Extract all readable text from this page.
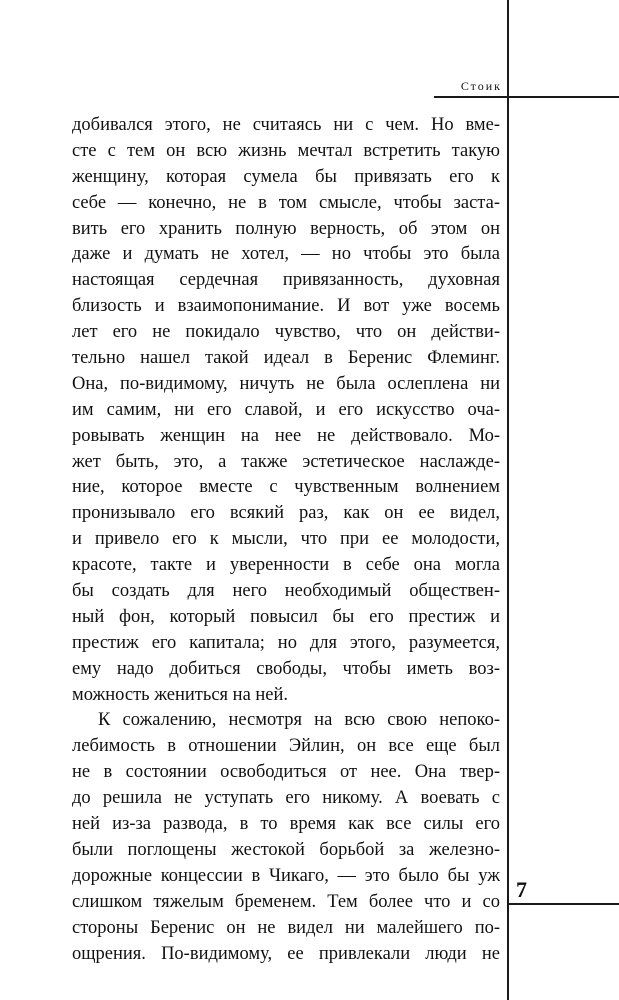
Стоик
добивался этого, не считаясь ни с чем. Но вме-
сте с тем он всю жизнь мечтал встретить такую
женщину, которая сумела бы привязать его к
себе — конечно, не в том смысле, чтобы заста-
вить его хранить полную верность, об этом он
даже и думать не хотел, — но чтобы это была
настоящая сердечная привязанность, духовная
близость и взаимопонимание. И вот уже восемь
лет его не покидало чувство, что он действи-
тельно нашел такой идеал в Беренис Флеминг.
Она, по-видимому, ничуть не была ослеплена ни
им самим, ни его славой, и его искусство оча-
ровывать женщин на нее не действовало. Мо-
жет быть, это, а также эстетическое наслажде-
ние, которое вместе с чувственным волнением
пронизывало его всякий раз, как он ее видел,
и привело его к мысли, что при ее молодости,
красоте, такте и уверенности в себе она могла
бы создать для него необходимый обществен-
ный фон, который повысил бы его престиж и
престиж его капитала; но для этого, разумеется,
ему надо добиться свободы, чтобы иметь воз-
можность жениться на ней.
К сожалению, несмотря на всю свою непоко-
лебимость в отношении Эйлин, он все еще был
не в состоянии освободиться от нее. Она твер-
до решила не уступать его никому. А воевать с
ней из-за развода, в то время как все силы его
были поглощены жестокой борьбой за железно-
дорожные концессии в Чикаго, — это было бы уж
слишком тяжелым бременем. Тем более что и со
стороны Беренис он не видел ни малейшего по-
ощрения. По-видимому, ее привлекали люди не
7
